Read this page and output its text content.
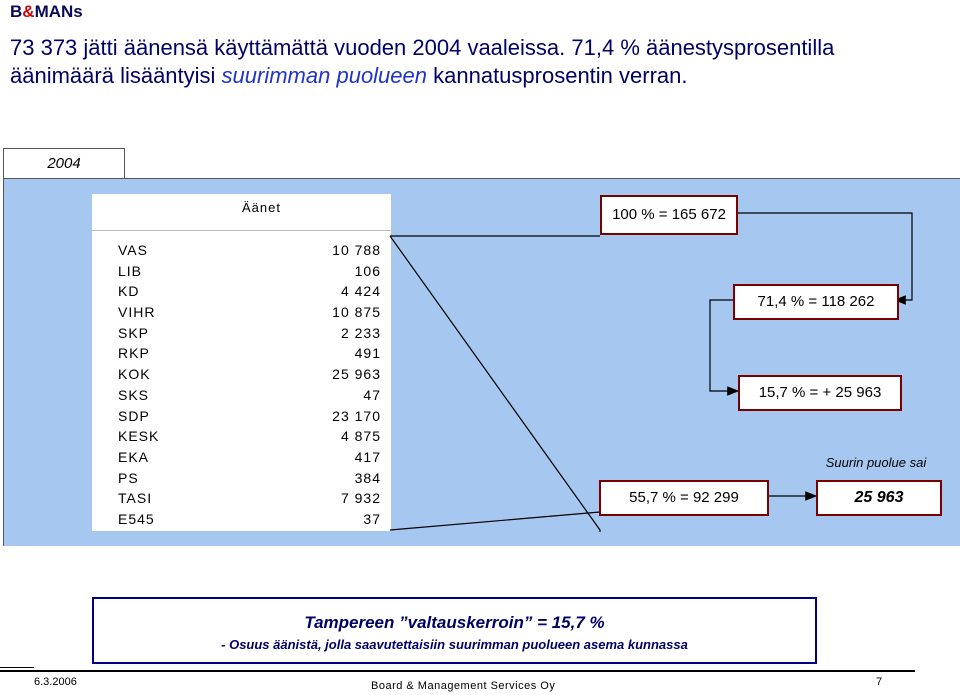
B&MANs
73 373 jätti äänensä käyttämättä vuoden 2004 vaaleissa. 71,4 % äänestysprosentilla äänimäärä lisääntyisi suurimman puolueen kannatusprosentin verran.
2004
Äänet
VAS	10 788
LIB	106
KD	4 424
VIHR	10 875
SKP	2 233
RKP	491
KOK	25 963
SKS	47
SDP	23 170
KESK	4 875
EKA	417
PS	384
TASI	7 932
E545	37
100 % = 165 672
71,4 % = 118 262
15,7 % = + 25 963
55,7 % = 92 299
Suurin puolue sai
25 963
Tampereen ”valtauskerroin” = 15,7 %
- Osuus äänistä, jolla saavutettaisiin suurimman puolueen asema kunnassa
6.3.2006	Board & Management Services Oy	7
